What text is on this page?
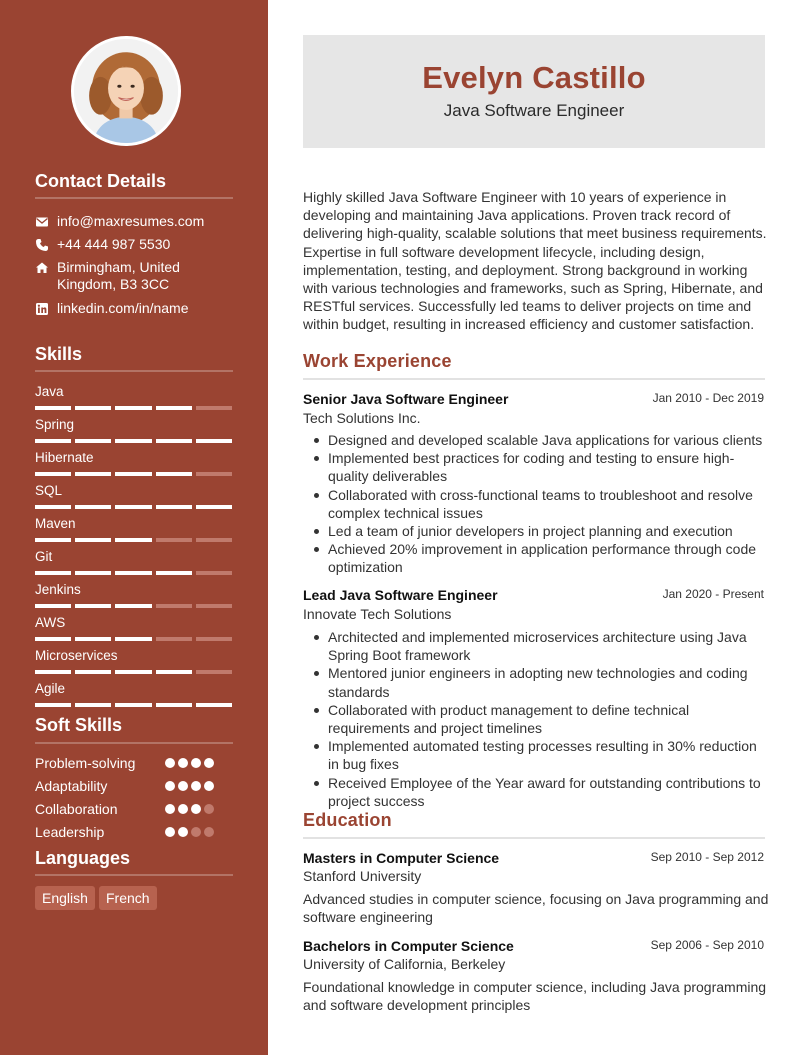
Contact Details
info@maxresumes.com
+44 444 987 5530
Birmingham, United Kingdom, B3 3CC
linkedin.com/in/name
Skills
Soft Skills
Languages
English	French
Java
Spring
Hibernate
SQL
Maven
Git
Jenkins
AWS
Microservices
Agile
Problem-solving
Adaptability
Collaboration
Leadership
Evelyn Castillo
Java Software Engineer
Highly skilled Java Software Engineer with 10 years of experience in developing and maintaining Java applications. Proven track record of delivering high-quality, scalable solutions that meet business requirements. Expertise in full software development lifecycle, including design, implementation, testing, and deployment. Strong background in working with various technologies and frameworks, such as Spring, Hibernate, and RESTful services. Successfully led teams to deliver projects on time and within budget, resulting in increased efficiency and customer satisfaction.
Work Experience
Senior Java Software Engineer	Jan 2010 - Dec 2019
Tech Solutions Inc.
Designed and developed scalable Java applications for various clients
Implemented best practices for coding and testing to ensure high-quality deliverables
Collaborated with cross-functional teams to troubleshoot and resolve complex technical issues
Led a team of junior developers in project planning and execution
Achieved 20% improvement in application performance through code optimization
Lead Java Software Engineer	Jan 2020 - Present
Innovate Tech Solutions
Architected and implemented microservices architecture using Java Spring Boot framework
Mentored junior engineers in adopting new technologies and coding standards
Collaborated with product management to define technical requirements and project timelines
Implemented automated testing processes resulting in 30% reduction in bug fixes
Received Employee of the Year award for outstanding contributions to project success
Education
Masters in Computer Science	Sep 2010 - Sep 2012
Stanford University
Advanced studies in computer science, focusing on Java programming and software engineering
Bachelors in Computer Science	Sep 2006 - Sep 2010
University of California, Berkeley
Foundational knowledge in computer science, including Java programming and software development principles
